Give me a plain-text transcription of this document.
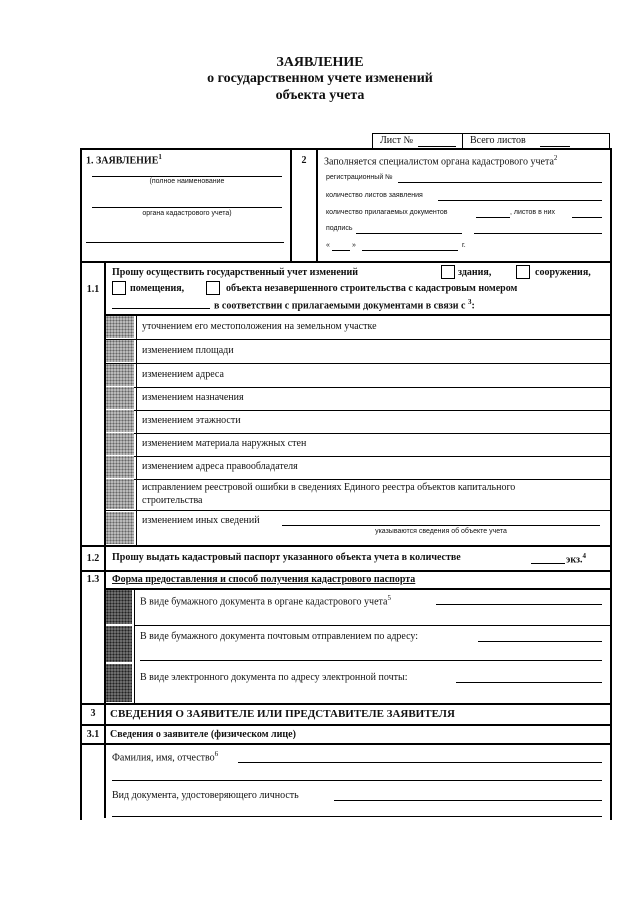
ЗАЯВЛЕНИЕ
о государственном учете изменений
объекта учета
Лист №	Всего листов
1. ЗАЯВЛЕНИЕ$^1$
(полное наименование
органа кадастрового учета)
2	Заполняется специалистом органа кадастрового учета$^2$
регистрационный №
количество листов заявления
количество прилагаемых документов	, листов в них
подпись
«	»	г.
1.1
Прошу осуществить государственный учет изменений	здания,	сооружения,
помещения,	объекта незавершенного строительства с кадастровым номером
в соответствии с прилагаемыми документами в связи с $^3$:
уточнением его местоположения на земельном участке
изменением площади
изменением адреса
изменением назначения
изменением этажности
изменением материала наружных стен
изменением адреса правообладателя
исправлением реестровой ошибки в сведениях Единого реестра объектов капитального
строительства
изменением иных сведений
указываются сведения об объекте учета
1.2	Прошу выдать кадастровый паспорт указанного объекта учета в количестве	экз.$^4$
1.3	Форма предоставления и способ получения кадастрового паспорта
В виде бумажного документа в органе кадастрового учета$^5$
В виде бумажного документа почтовым отправлением по адресу:
В виде электронного документа по адресу электронной почты:
3	СВЕДЕНИЯ О ЗАЯВИТЕЛЕ ИЛИ ПРЕДСТАВИТЕЛЕ ЗАЯВИТЕЛЯ
3.1	Сведения о заявителе (физическом лице)
Фамилия, имя, отчество$^6$
Вид документа, удостоверяющего личность
